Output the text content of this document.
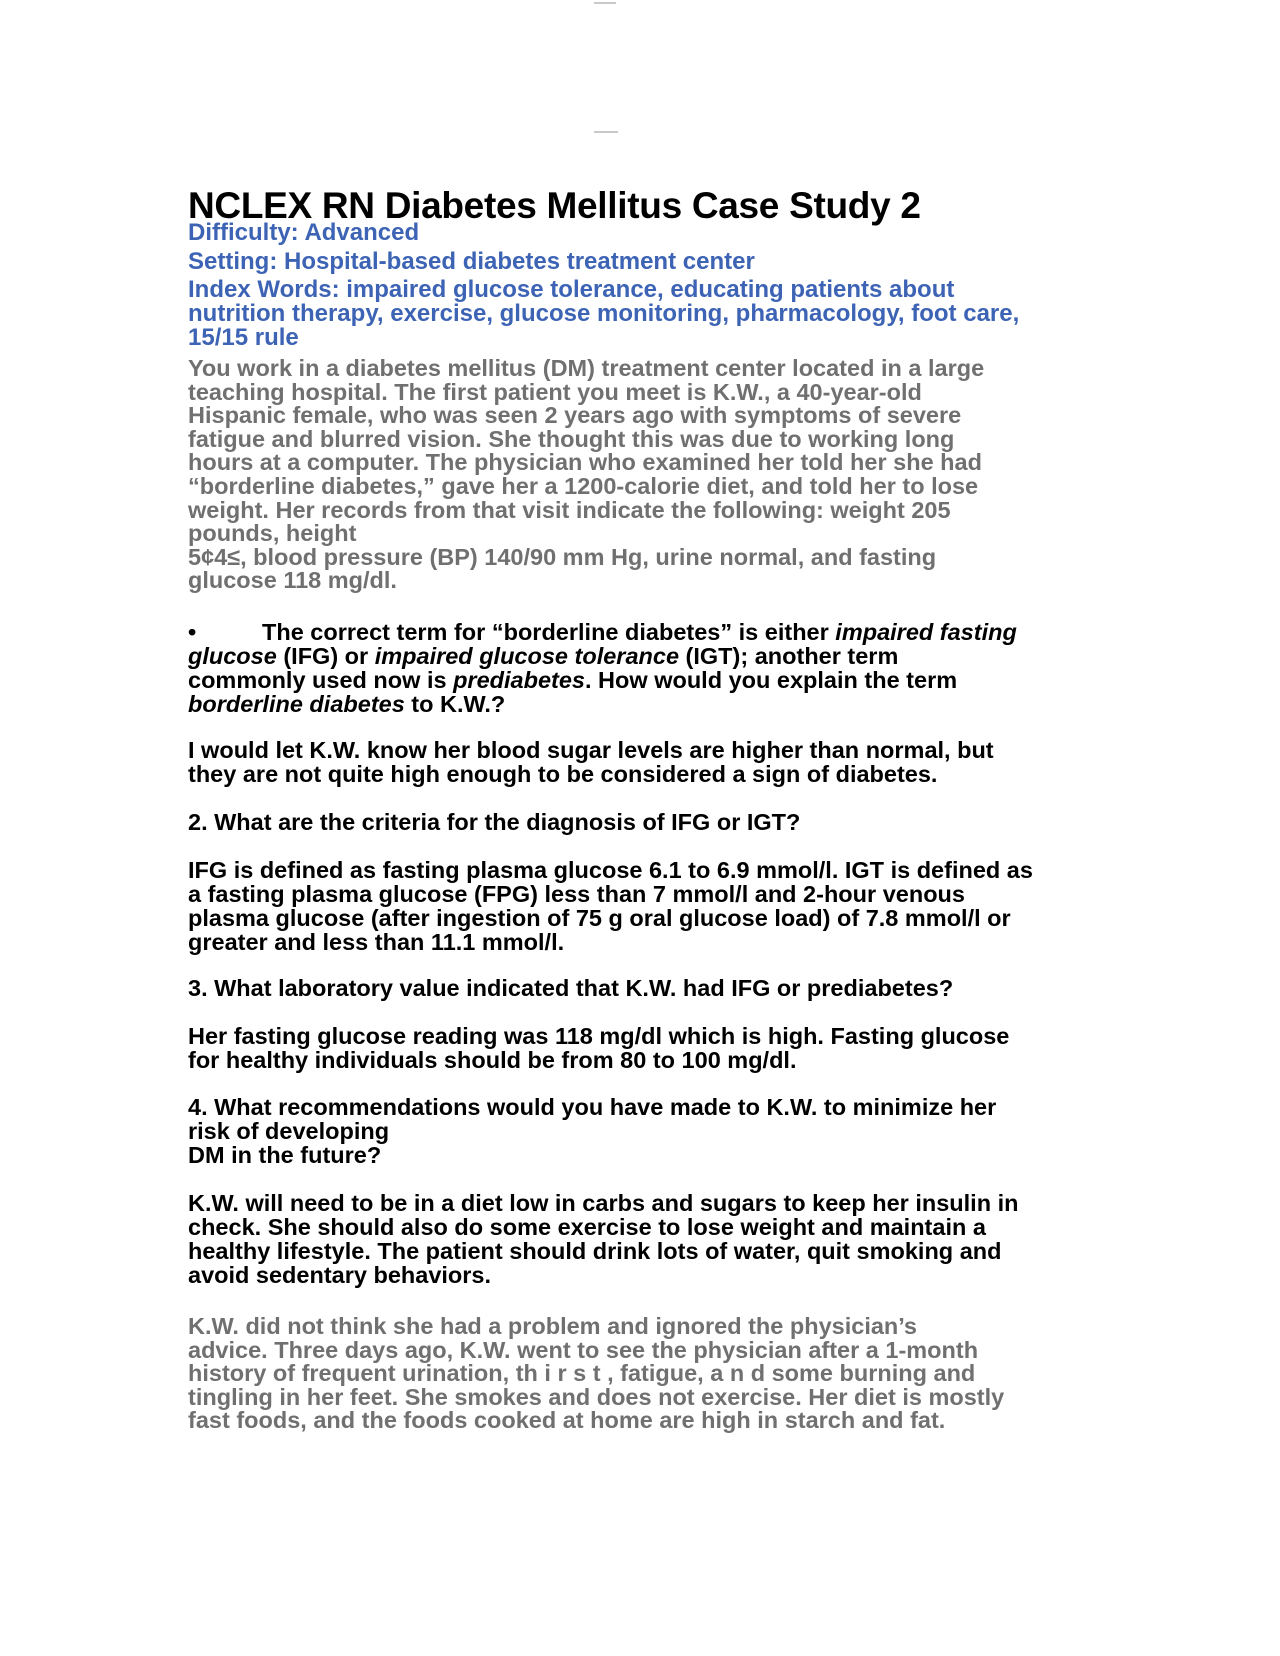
NCLEX RN Diabetes Mellitus Case Study 2

Difficulty: Advanced

Setting: Hospital-based diabetes treatment center

Index Words: impaired glucose tolerance, educating patients about
nutrition therapy, exercise, glucose monitoring, pharmacology, foot care,
15/15 rule

You work in a diabetes mellitus (DM) treatment center located in a large
teaching hospital. The first patient you meet is K.W., a 40-year-old
Hispanic female, who was seen 2 years ago with symptoms of severe
fatigue and blurred vision. She thought this was due to working long
hours at a computer. The physician who examined her told her she had
“borderline diabetes,” gave her a 1200-calorie diet, and told her to lose
weight. Her records from that visit indicate the following: weight 205
pounds, height
5¢4≤, blood pressure (BP) 140/90 mm Hg, urine normal, and fasting
glucose 118 mg/dl.

•	The correct term for “borderline diabetes” is either impaired fasting
glucose (IFG) or impaired glucose tolerance (IGT); another term
commonly used now is prediabetes. How would you explain the term
borderline diabetes to K.W.?

I would let K.W. know her blood sugar levels are higher than normal, but
they are not quite high enough to be considered a sign of diabetes.

2. What are the criteria for the diagnosis of IFG or IGT?

IFG is defined as fasting plasma glucose 6.1 to 6.9 mmol/l. IGT is defined as
a fasting plasma glucose (FPG) less than 7 mmol/l and 2-hour venous
plasma glucose (after ingestion of 75 g oral glucose load) of 7.8 mmol/l or
greater and less than 11.1 mmol/l.

3. What laboratory value indicated that K.W. had IFG or prediabetes?

Her fasting glucose reading was 118 mg/dl which is high. Fasting glucose
for healthy individuals should be from 80 to 100 mg/dl.

4. What recommendations would you have made to K.W. to minimize her
risk of developing
DM in the future?

K.W. will need to be in a diet low in carbs and sugars to keep her insulin in
check. She should also do some exercise to lose weight and maintain a
healthy lifestyle. The patient should drink lots of water, quit smoking and
avoid sedentary behaviors.

K.W. did not think she had a problem and ignored the physician’s
advice. Three days ago, K.W. went to see the physician after a 1-month
history of frequent urination, th i r s t , fatigue, a n d some burning and
tingling in her feet. She smokes and does not exercise. Her diet is mostly
fast foods, and the foods cooked at home are high in starch and fat.
